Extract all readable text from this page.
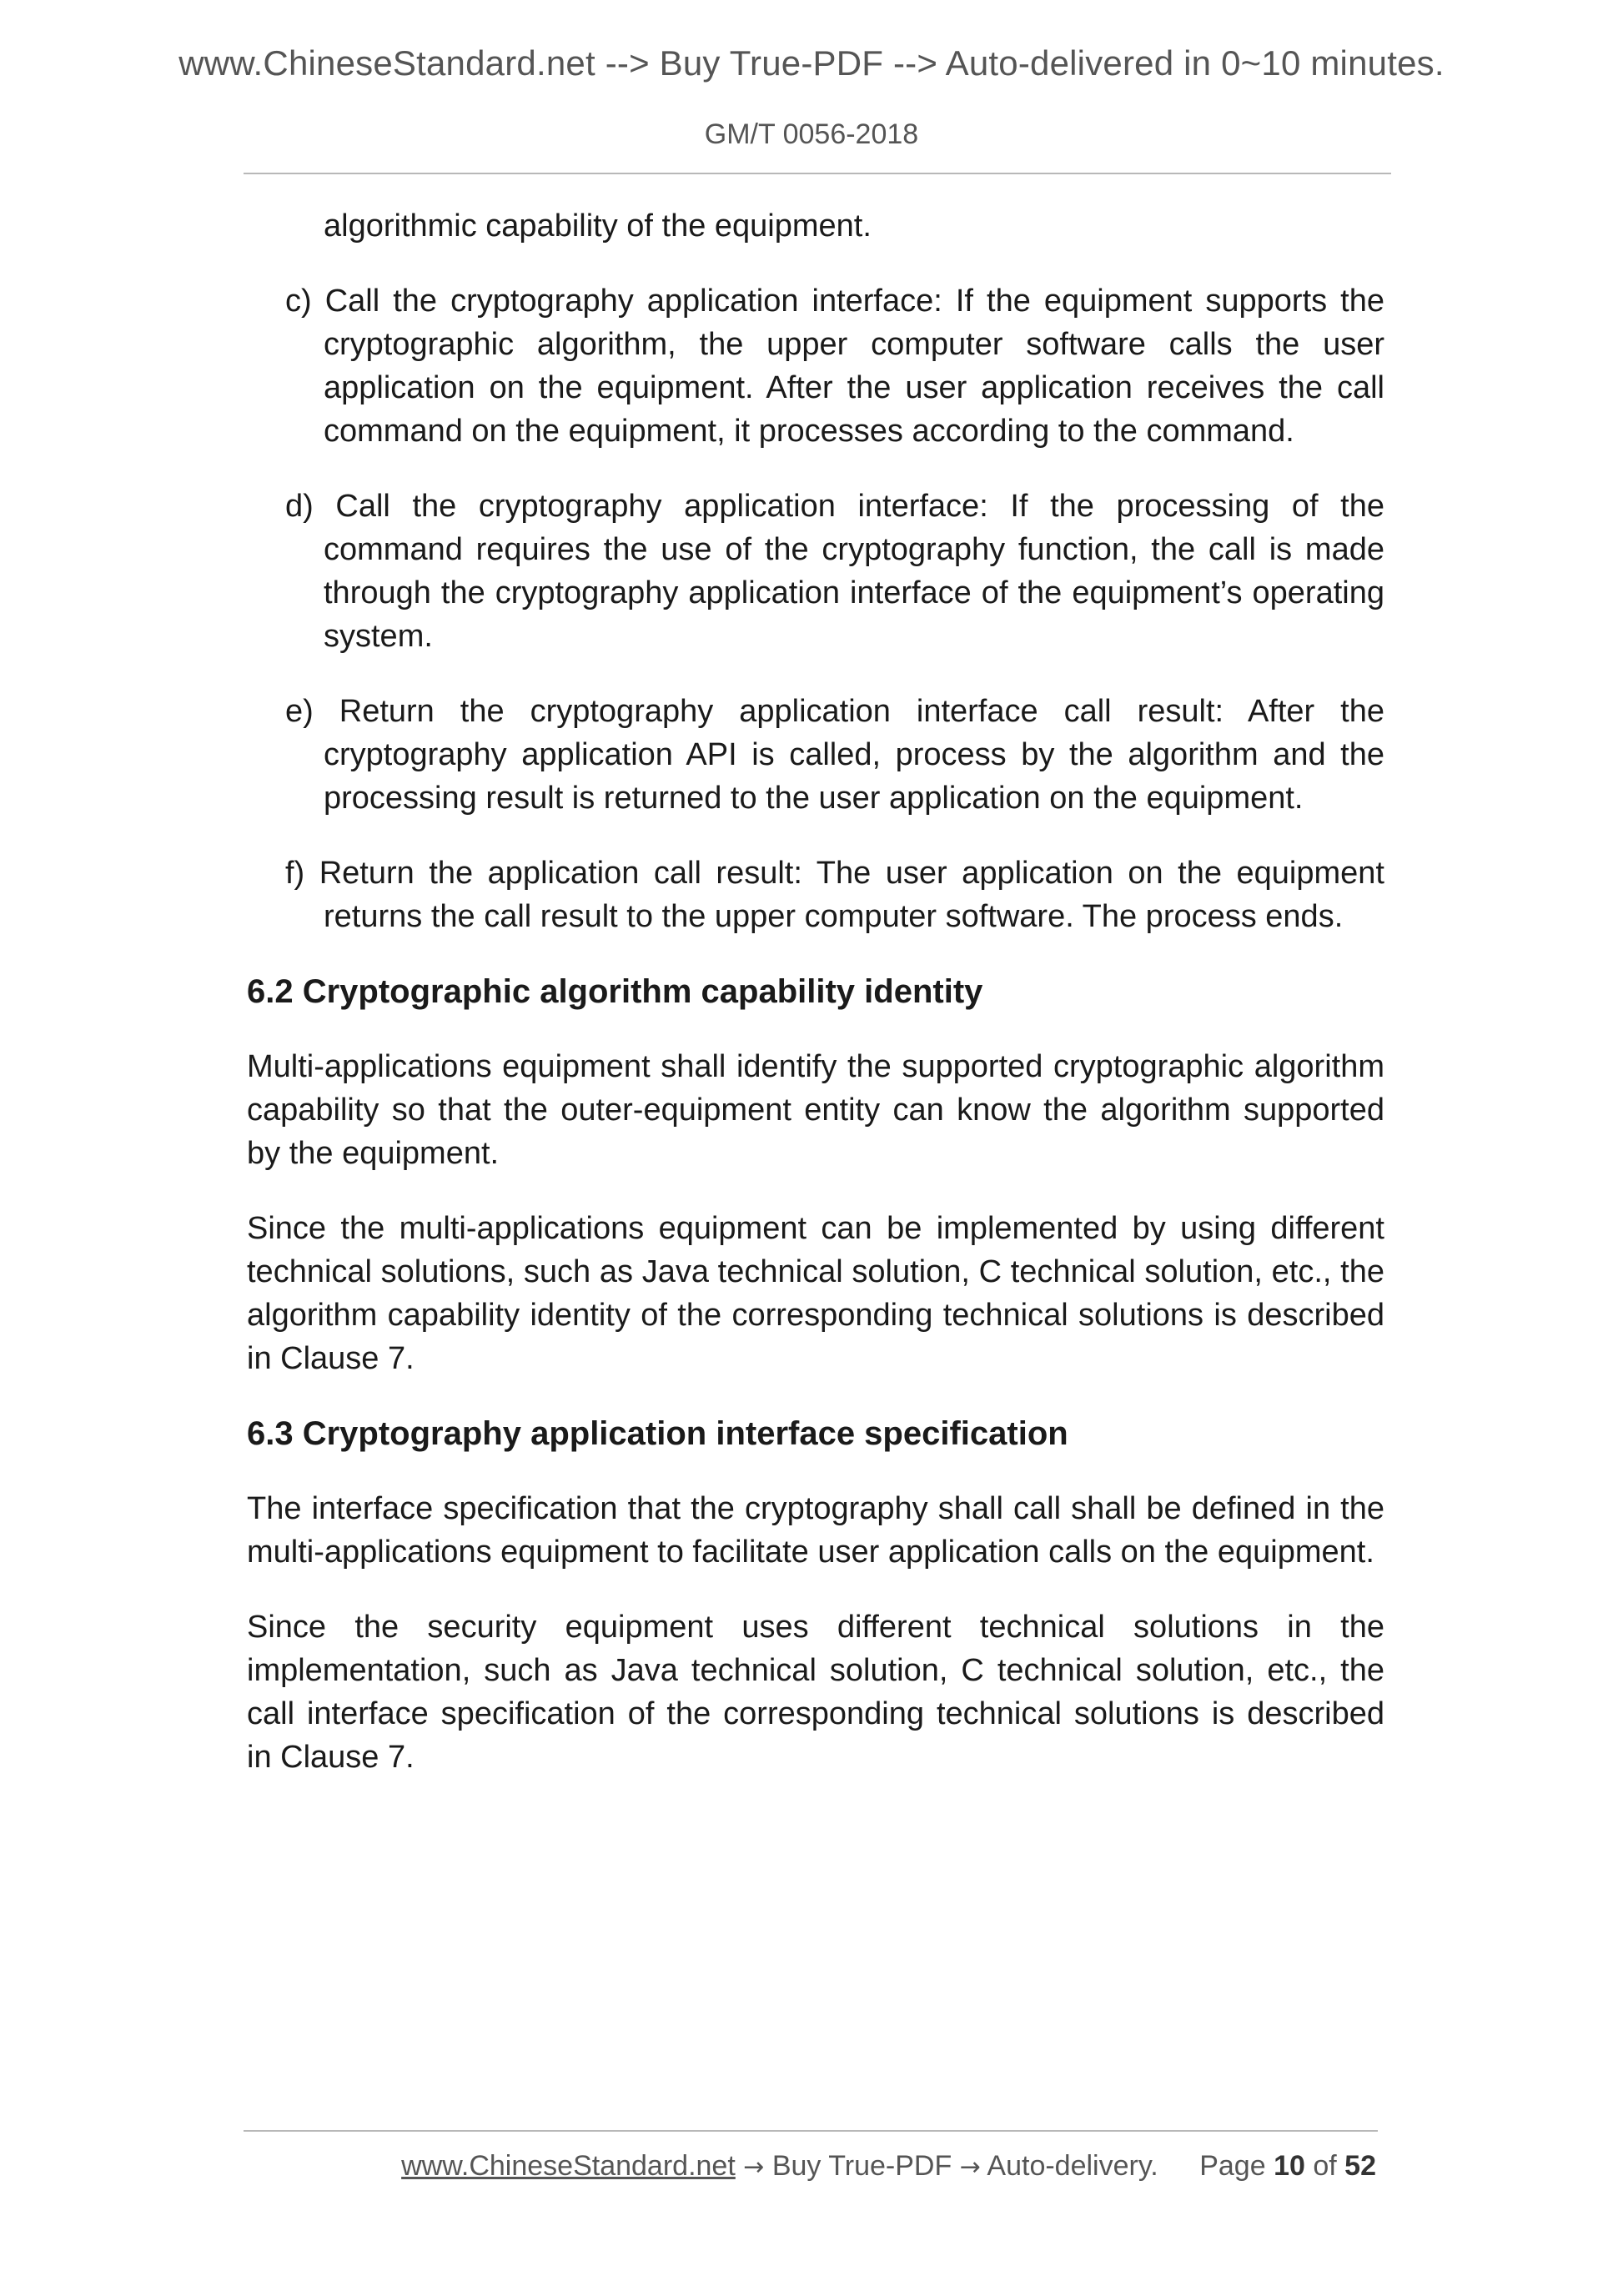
www.ChineseStandard.net --> Buy True-PDF --> Auto-delivered in 0~10 minutes.
GM/T 0056-2018

algorithmic capability of the equipment.

c) Call the cryptography application interface: If the equipment supports the cryptographic algorithm, the upper computer software calls the user application on the equipment. After the user application receives the call command on the equipment, it processes according to the command.

d) Call the cryptography application interface: If the processing of the command requires the use of the cryptography function, the call is made through the cryptography application interface of the equipment’s operating system.

e) Return the cryptography application interface call result: After the cryptography application API is called, process by the algorithm and the processing result is returned to the user application on the equipment.

f) Return the application call result: The user application on the equipment returns the call result to the upper computer software. The process ends.

6.2 Cryptographic algorithm capability identity

Multi-applications equipment shall identify the supported cryptographic algorithm capability so that the outer-equipment entity can know the algorithm supported by the equipment.

Since the multi-applications equipment can be implemented by using different technical solutions, such as Java technical solution, C technical solution, etc., the algorithm capability identity of the corresponding technical solutions is described in Clause 7.

6.3 Cryptography application interface specification

The interface specification that the cryptography shall call shall be defined in the multi-applications equipment to facilitate user application calls on the equipment.

Since the security equipment uses different technical solutions in the implementation, such as Java technical solution, C technical solution, etc., the call interface specification of the corresponding technical solutions is described in Clause 7.

www.ChineseStandard.net → Buy True-PDF → Auto-delivery. Page 10 of 52
